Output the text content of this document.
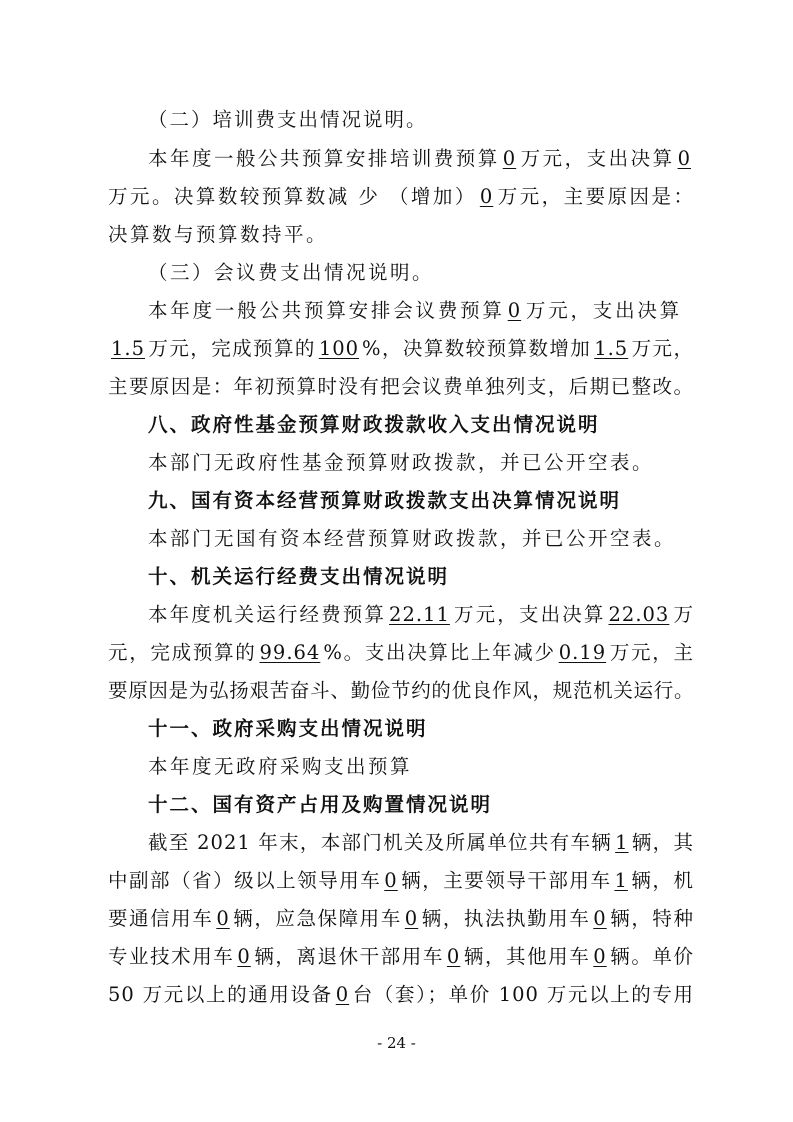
（二）培训费支出情况说明。
本年度一般公共预算安排培训费预算 0 万元，支出决算 0
万元。决算数较预算数减 少 （增加） 0 万元，主要原因是：
决算数与预算数持平。
（三）会议费支出情况说明。
本年度一般公共预算安排会议费预算 0 万元，支出决算
1.5 万元，完成预算的 100 %，决算数较预算数增加 1.5 万元，
主要原因是：年初预算时没有把会议费单独列支，后期已整改。
八、政府性基金预算财政拨款收入支出情况说明
本部门无政府性基金预算财政拨款，并已公开空表。
九、国有资本经营预算财政拨款支出决算情况说明
本部门无国有资本经营预算财政拨款，并已公开空表。
十、机关运行经费支出情况说明
本年度机关运行经费预算 22.11 万元，支出决算 22.03 万
元，完成预算的 99.64 %。支出决算比上年减少 0.19 万元，主
要原因是为弘扬艰苦奋斗、勤俭节约的优良作风，规范机关运行。
十一、政府采购支出情况说明
本年度无政府采购支出预算
十二、国有资产占用及购置情况说明
截至 2021 年末，本部门机关及所属单位共有车辆 1 辆，其
中副部（省）级以上领导用车 0 辆，主要领导干部用车 1 辆，机
要通信用车 0 辆，应急保障用车 0 辆，执法执勤用车 0 辆，特种
专业技术用车 0 辆，离退休干部用车 0 辆，其他用车 0 辆。单价
50 万元以上的通用设备 0 台（套）；单价 100 万元以上的专用
- 24 -
